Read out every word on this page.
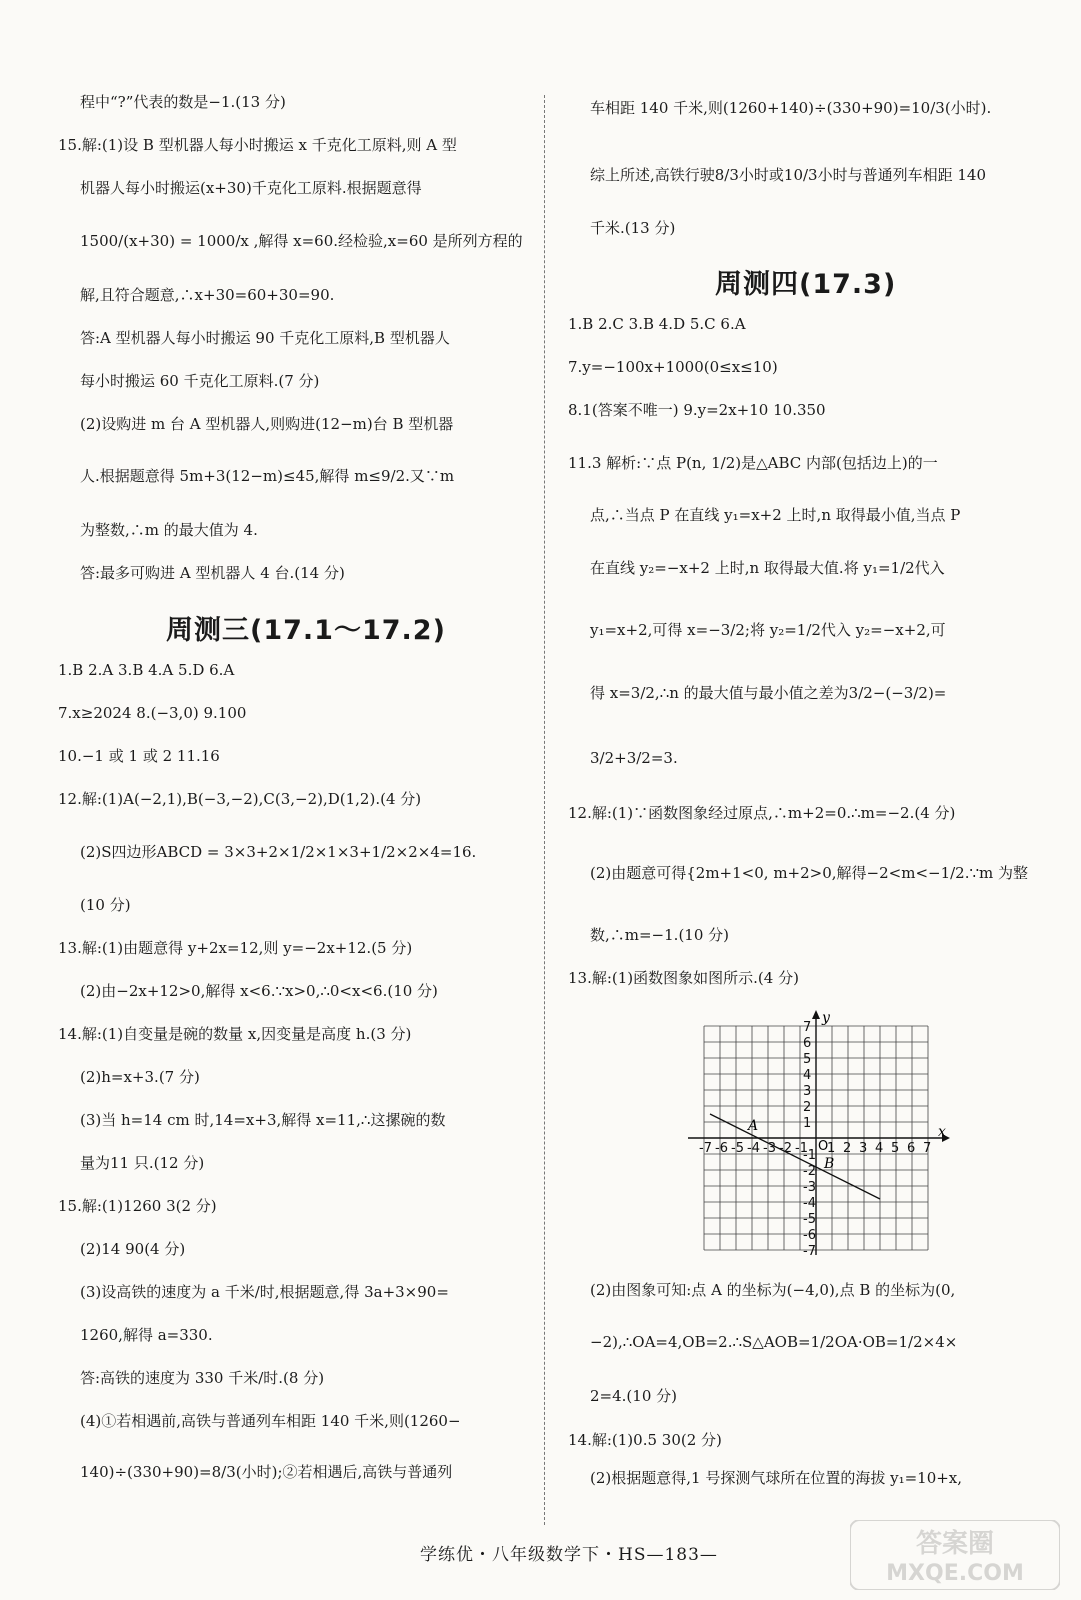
程中“?”代表的数是−1.(13 分)
15.解:(1)设 B 型机器人每小时搬运 x 千克化工原料,则 A 型
机器人每小时搬运(x+30)千克化工原料.根据题意得
1500/(x+30) = 1000/x ,解得 x=60.经检验,x=60 是所列方程的
解,且符合题意,∴x+30=60+30=90.
答:A 型机器人每小时搬运 90 千克化工原料,B 型机器人
每小时搬运 60 千克化工原料.(7 分)
(2)设购进 m 台 A 型机器人,则购进(12−m)台 B 型机器
人.根据题意得 5m+3(12−m)≤45,解得 m≤9/2.又∵m
为整数,∴m 的最大值为 4.
答:最多可购进 A 型机器人 4 台.(14 分)
周测三(17.1～17.2)
1.B 2.A 3.B 4.A 5.D 6.A
7.x≥2024 8.(−3,0) 9.100
10.−1 或 1 或 2 11.16
12.解:(1)A(−2,1),B(−3,−2),C(3,−2),D(1,2).(4 分)
(2)S四边形ABCD = 3×3+2×1/2×1×3+1/2×2×4=16.
(10 分)
13.解:(1)由题意得 y+2x=12,则 y=−2x+12.(5 分)
(2)由−2x+12>0,解得 x<6.∵x>0,∴0<x<6.(10 分)
14.解:(1)自变量是碗的数量 x,因变量是高度 h.(3 分)
(2)h=x+3.(7 分)
(3)当 h=14 cm 时,14=x+3,解得 x=11,∴这摞碗的数
量为11 只.(12 分)
15.解:(1)1260 3(2 分)
(2)14 90(4 分)
(3)设高铁的速度为 a 千米/时,根据题意,得 3a+3×90=
1260,解得 a=330.
答:高铁的速度为 330 千米/时.(8 分)
(4)①若相遇前,高铁与普通列车相距 140 千米,则(1260−
140)÷(330+90)=8/3(小时);②若相遇后,高铁与普通列
车相距 140 千米,则(1260+140)÷(330+90)=10/3(小时).
综上所述,高铁行驶8/3小时或10/3小时与普通列车相距 140
千米.(13 分)
周测四(17.3)
1.B 2.C 3.B 4.D 5.C 6.A
7.y=−100x+1000(0≤x≤10)
8.1(答案不唯一) 9.y=2x+10 10.350
11.3 解析:∵点 P(n, 1/2)是△ABC 内部(包括边上)的一
点,∴当点 P 在直线 y₁=x+2 上时,n 取得最小值,当点 P
在直线 y₂=−x+2 上时,n 取得最大值.将 y₁=1/2代入
y₁=x+2,可得 x=−3/2;将 y₂=1/2代入 y₂=−x+2,可
得 x=3/2,∴n 的最大值与最小值之差为3/2−(−3/2)=
3/2+3/2=3.
12.解:(1)∵函数图象经过原点,∴m+2=0.∴m=−2.(4 分)
(2)由题意可得{2m+1<0, m+2>0,解得−2<m<−1/2.∵m 为整
数,∴m=−1.(10 分)
13.解:(1)函数图象如图所示.(4 分)
(2)由图象可知:点 A 的坐标为(−4,0),点 B 的坐标为(0,
−2),∴OA=4,OB=2.∴S△AOB=1/2OA·OB=1/2×4×
2=4.(10 分)
14.解:(1)0.5 30(2 分)
(2)根据题意得,1 号探测气球所在位置的海拔 y₁=10+x,
-7 -6 -5 -4 -3 -2 -1 1 2 3 4 5 6 7
7
6
5
4
3
2
1
-1
-2
-3
-4
-5
-6
-7
y
x
O
A
B
学练优・八年级数学下・HS—183—	答案圈
MXQE.COM
